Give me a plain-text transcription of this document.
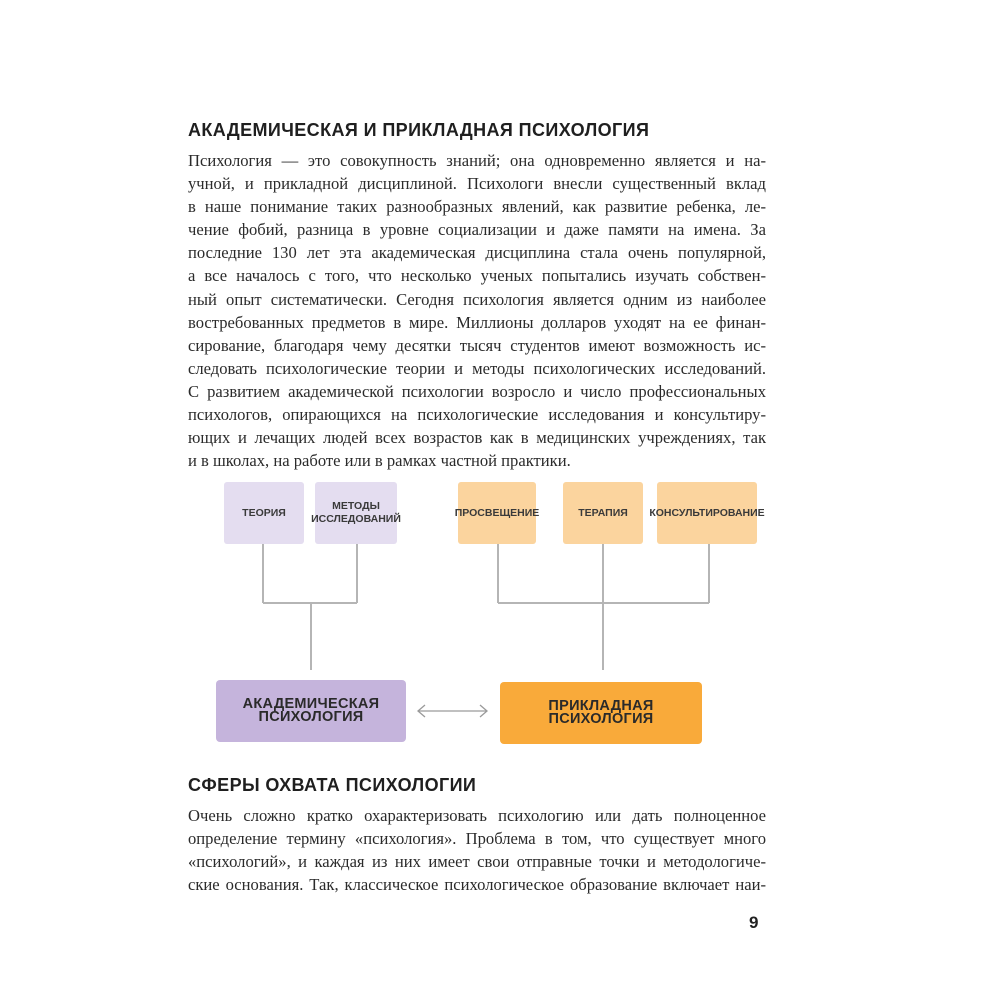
АКАДЕМИЧЕСКАЯ И ПРИКЛАДНАЯ ПСИХОЛОГИЯ
Психология — это совокупность знаний; она одновременно является и на-
учной, и прикладной дисциплиной. Психологи внесли существенный вклад
в наше понимание таких разнообразных явлений, как развитие ребенка, ле-
чение фобий, разница в уровне социализации и даже памяти на имена. За
последние 130 лет эта академическая дисциплина стала очень популярной,
а все началось с того, что несколько ученых попытались изучать собствен-
ный опыт систематически. Сегодня психология является одним из наиболее
востребованных предметов в мире. Миллионы долларов уходят на ее финан-
сирование, благодаря чему десятки тысяч студентов имеют возможность ис-
следовать психологические теории и методы психологических исследований.
С развитием академической психологии возросло и число профессиональных
психологов, опирающихся на психологические исследования и консультиру-
ющих и лечащих людей всех возрастов как в медицинских учреждениях, так
и в школах, на работе или в рамках частной практики.
ТЕОРИЯ
МЕТОДЫ ИССЛЕДОВАНИЙ
ПРОСВЕЩЕНИЕ	ТЕРАПИЯ	КОНСУЛЬТИРОВАНИЕ
АКАДЕМИЧЕСКАЯ ПСИХОЛОГИЯ
ПРИКЛАДНАЯ ПСИХОЛОГИЯ
СФЕРЫ ОХВАТА ПСИХОЛОГИИ
Очень сложно кратко охарактеризовать психологию или дать полноценное
определение термину «психология». Проблема в том, что существует много
«психологий», и каждая из них имеет свои отправные точки и методологиче-
ские основания. Так, классическое психологическое образование включает наи-
9
